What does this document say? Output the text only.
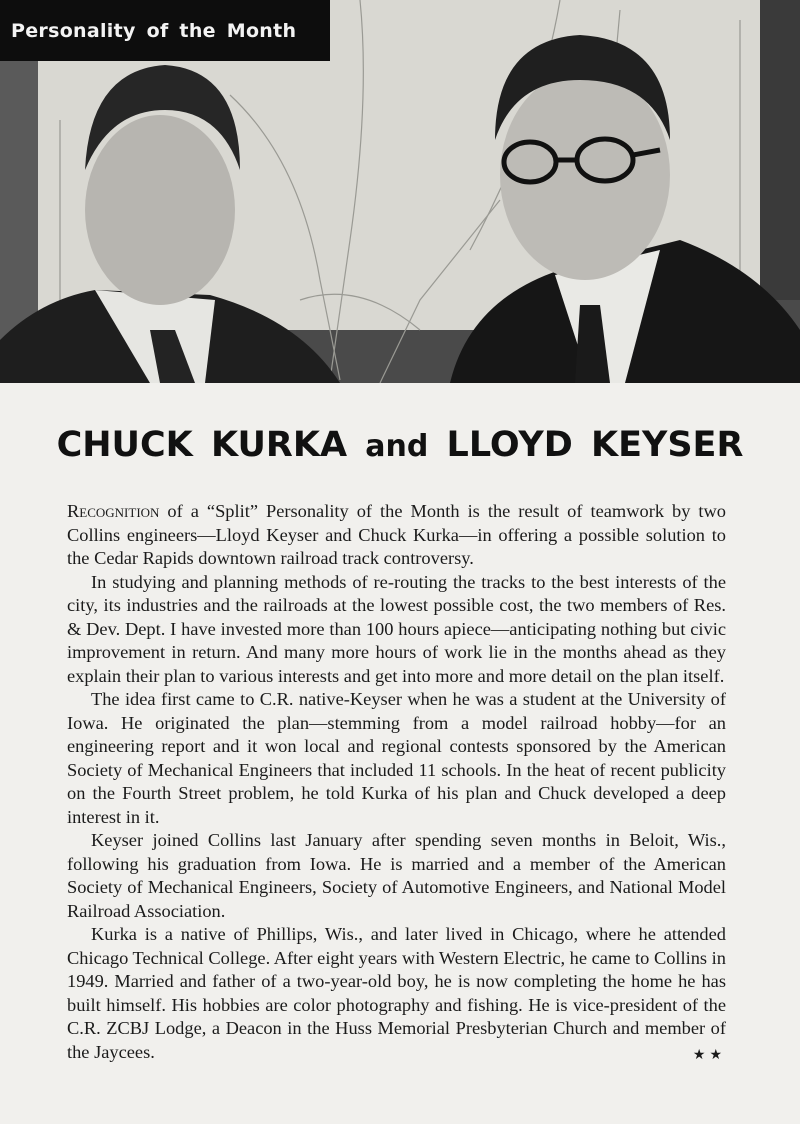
Personality of the Month
CHUCK KURKA and LLOYD KEYSER

Recognition of a “Split” Personality of the Month is the result of teamwork by two Collins engineers—Lloyd Keyser and Chuck Kurka—in offering a possible solution to the Cedar Rapids downtown railroad track controversy.

In studying and planning methods of re-routing the tracks to the best interests of the city, its industries and the railroads at the lowest possible cost, the two members of Res. & Dev. Dept. I have invested more than 100 hours apiece—anticipating nothing but civic improvement in return. And many more hours of work lie in the months ahead as they explain their plan to various interests and get into more and more detail on the plan itself.

The idea first came to C.R. native-Keyser when he was a student at the University of Iowa. He originated the plan—stemming from a model railroad hobby—for an engineering report and it won local and regional contests sponsored by the American Society of Mechanical Engineers that included 11 schools. In the heat of recent publicity on the Fourth Street problem, he told Kurka of his plan and Chuck developed a deep interest in it.

Keyser joined Collins last January after spending seven months in Beloit, Wis., following his graduation from Iowa. He is married and a member of the American Society of Mechanical Engineers, Society of Automotive Engineers, and National Model Railroad Association.

Kurka is a native of Phillips, Wis., and later lived in Chicago, where he attended Chicago Technical College. After eight years with Western Electric, he came to Collins in 1949. Married and father of a two-year-old boy, he is now completing the home he has built himself. His hobbies are color photography and fishing. He is vice-president of the C.R. ZCBJ Lodge, a Deacon in the Huss Memorial Presbyterian Church and member of the Jaycees.	★★
